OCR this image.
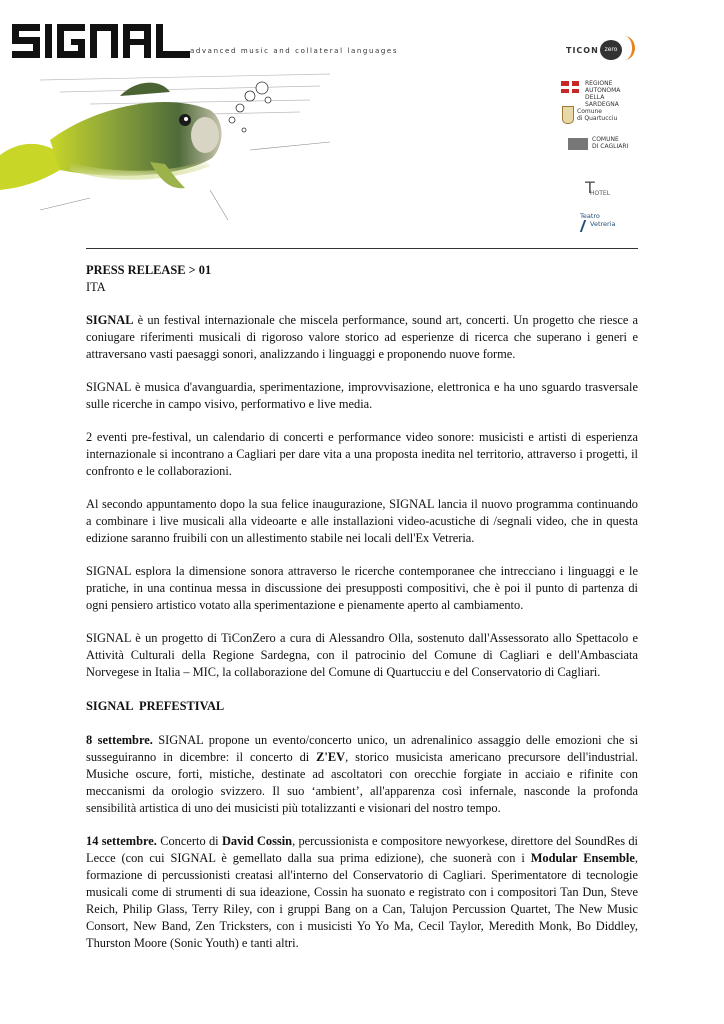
advanced music and collateral languages	TICON zero
REGIONE AUTONOMA
DELLA SARDEGNA
Comune
di Quartucciu
COMUNE
DI CAGLIARI
T
HOTEL
Teatro
Vetreria

PRESS RELEASE > 01

ITA

SIGNAL è un festival internazionale che miscela performance, sound art, concerti. Un progetto che riesce a coniugare riferimenti musicali di rigoroso valore storico ad esperienze di ricerca che superano i generi e attraversano vasti paesaggi sonori, analizzando i linguaggi e proponendo nuove forme.

SIGNAL è musica d'avanguardia, sperimentazione, improvvisazione, elettronica e ha uno sguardo trasversale sulle ricerche in campo visivo, performativo e live media.

2 eventi pre-festival, un calendario di concerti e performance video sonore: musicisti e artisti di esperienza internazionale si incontrano a Cagliari per dare vita a una proposta inedita nel territorio, attraverso i progetti, il confronto e le collaborazioni.

Al secondo appuntamento dopo la sua felice inaugurazione, SIGNAL lancia il nuovo programma continuando a combinare i live musicali alla videoarte e alle installazioni video-acustiche di /segnali video, che in questa edizione saranno fruibili con un allestimento stabile nei locali dell'Ex Vetreria.

SIGNAL esplora la dimensione sonora attraverso le ricerche contemporanee che intrecciano i linguaggi e le pratiche, in una continua messa in discussione dei presupposti compositivi, che è poi il punto di partenza di ogni pensiero artistico votato alla sperimentazione e pienamente aperto al cambiamento.

SIGNAL è un progetto di TiConZero a cura di Alessandro Olla, sostenuto dall'Assessorato allo Spettacolo e Attività Culturali della Regione Sardegna, con il patrocinio del Comune di Cagliari e dell'Ambasciata Norvegese in Italia – MIC, la collaborazione del Comune di Quartucciu e del Conservatorio di Cagliari.

SIGNAL  PREFESTIVAL

8 settembre. SIGNAL propone un evento/concerto unico, un adrenalinico assaggio delle emozioni che si susseguiranno in dicembre: il concerto di Z'EV, storico musicista americano precursore dell'industrial. Musiche oscure, forti, mistiche, destinate ad ascoltatori con orecchie forgiate in acciaio e rifinite con meccanismi da orologio svizzero. Il suo ‘ambient’, all'apparenza così infernale, nasconde la profonda sensibilità artistica di uno dei musicisti più totalizzanti e visionari del nostro tempo.

14 settembre. Concerto di David Cossin, percussionista e compositore newyorkese, direttore del SoundRes di Lecce (con cui SIGNAL è gemellato dalla sua prima edizione), che suonerà con i Modular Ensemble, formazione di percussionisti creatasi all'interno del Conservatorio di Cagliari. Sperimentatore di tecnologie musicali come di strumenti di sua ideazione, Cossin ha suonato e registrato con i compositori Tan Dun, Steve Reich, Philip Glass, Terry Riley, con i gruppi Bang on a Can, Talujon Percussion Quartet, The New Music Consort, New Band, Zen Tricksters, con i musicisti Yo Yo Ma, Cecil Taylor, Meredith Monk, Bo Diddley, Thurston Moore (Sonic Youth) e tanti altri.
